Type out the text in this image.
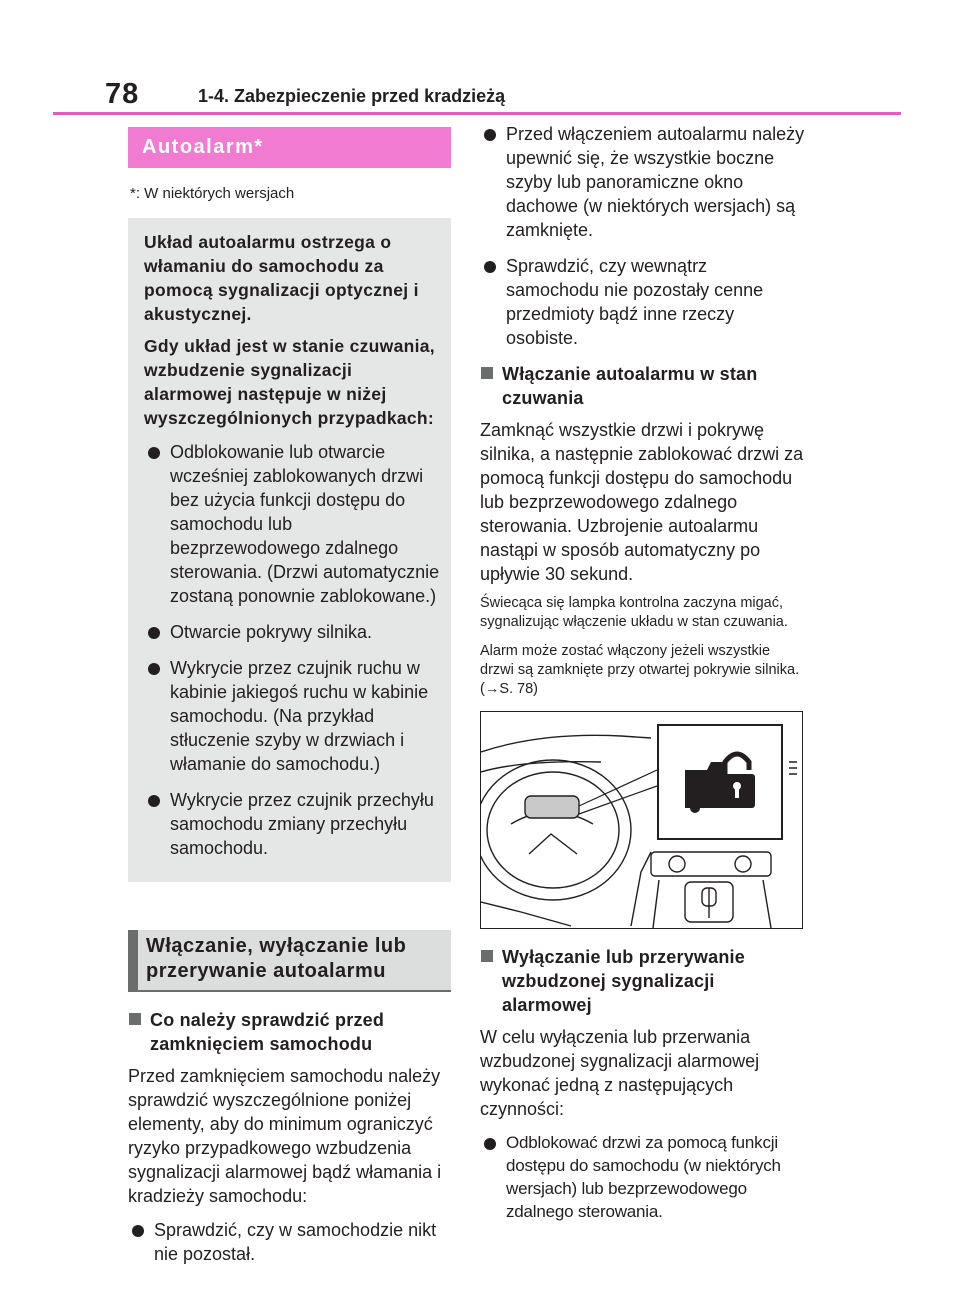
78	1-4. Zabezpieczenie przed kradzieżą
Autoalarm*
*: W niektórych wersjach

Układ autoalarmu ostrzega o włamaniu do samochodu za pomocą sygnalizacji optycznej i akustycznej.

Gdy układ jest w stanie czuwania, wzbudzenie sygnalizacji alarmowej następuje w niżej wyszczególnionych przypadkach:

Odblokowanie lub otwarcie wcześniej zablokowanych drzwi bez użycia funkcji dostępu do samochodu lub bezprzewodowego zdalnego sterowania. (Drzwi automatycznie zostaną ponownie zablokowane.)
Otwarcie pokrywy silnika.
Wykrycie przez czujnik ruchu w kabinie jakiegoś ruchu w kabinie samochodu. (Na przykład stłuczenie szyby w drzwiach i włamanie do samochodu.)
Wykrycie przez czujnik przechyłu samochodu zmiany przechyłu samochodu.
Włączanie, wyłączanie lub przerywanie autoalarmu
Co należy sprawdzić przed zamknięciem samochodu

Przed zamknięciem samochodu należy sprawdzić wyszczególnione poniżej elementy, aby do minimum ograniczyć ryzyko przypadkowego wzbudzenia sygnalizacji alarmowej bądź włamania i kradzieży samochodu:

Sprawdzić, czy w samochodzie nikt nie pozostał.
Przed włączeniem autoalarmu należy upewnić się, że wszystkie boczne szyby lub panoramiczne okno dachowe (w niektórych wersjach) są zamknięte.
Sprawdzić, czy wewnątrz samochodu nie pozostały cenne przedmioty bądź inne rzeczy osobiste.
Włączanie autoalarmu w stan czuwania

Zamknąć wszystkie drzwi i pokrywę silnika, a następnie zablokować drzwi za pomocą funkcji dostępu do samochodu lub bezprzewodowego zdalnego sterowania. Uzbrojenie autoalarmu nastąpi w sposób automatyczny po upływie 30 sekund.

Świecąca się lampka kontrolna zaczyna migać, sygnalizując włączenie układu w stan czuwania.

Alarm może zostać włączony jeżeli wszystkie drzwi są zamknięte przy otwartej pokrywie silnika. (→S. 78)

Wyłączanie lub przerywanie wzbudzonej sygnalizacji alarmowej

W celu wyłączenia lub przerwania wzbudzonej sygnalizacji alarmowej wykonać jedną z następujących czynności:

Odblokować drzwi za pomocą funkcji dostępu do samochodu (w niektórych wersjach) lub bezprzewodowego zdalnego sterowania.
